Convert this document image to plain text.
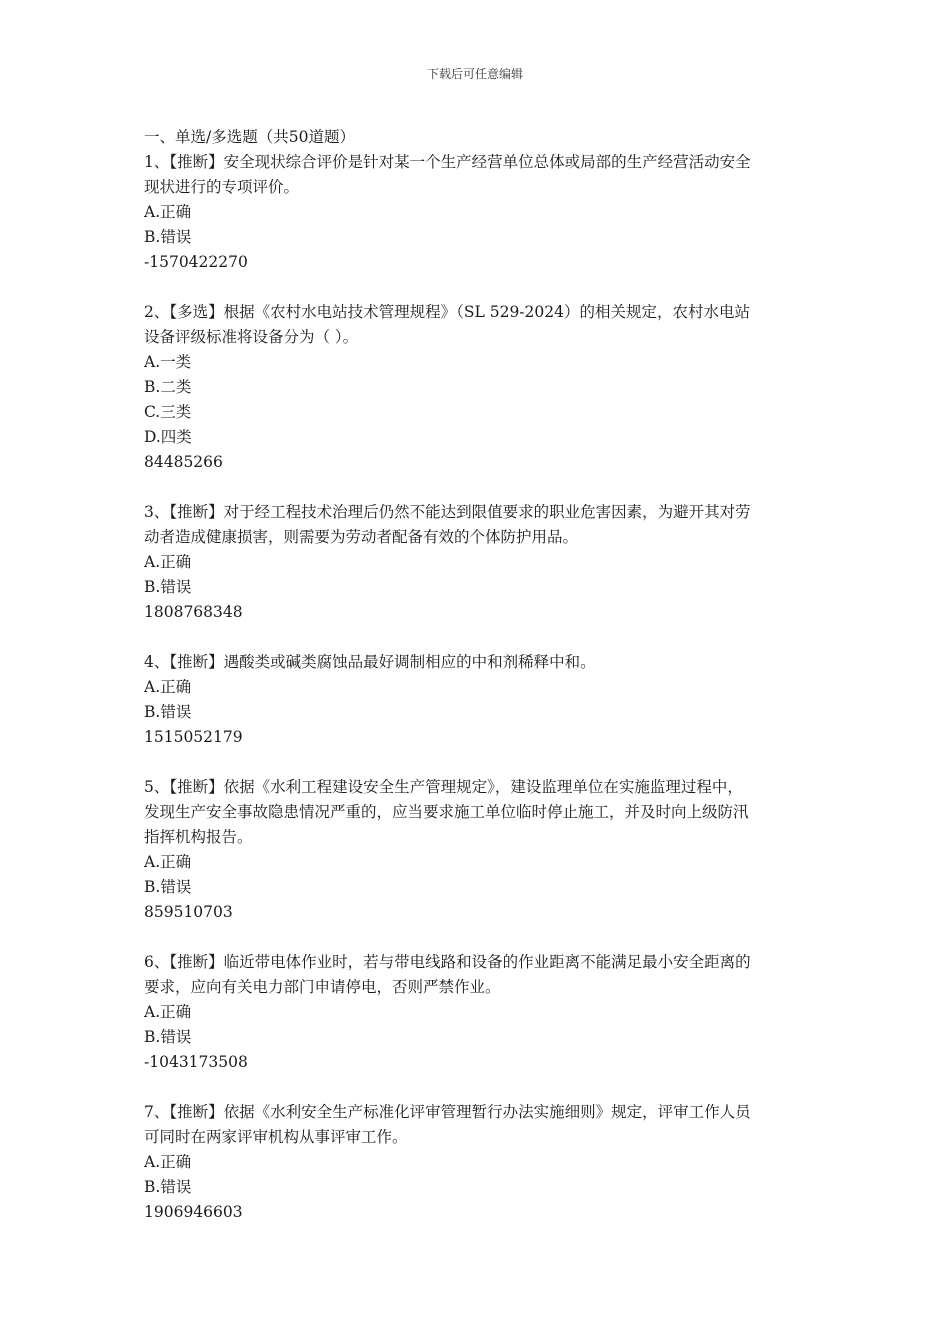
下载后可任意编辑

一、单选/多选题（共50道题）

1、【推断】安全现状综合评价是针对某一个生产经营单位总体或局部的生产经营活动安全

现状进行的专项评价。

A.正确

B.错误

-1570422270

2、【多选】根据《农村水电站技术管理规程》（SL 529-2024）的相关规定，农村水电站

设备评级标准将设备分为（ ）。

A.一类

B.二类

C.三类

D.四类

84485266

3、【推断】对于经工程技术治理后仍然不能达到限值要求的职业危害因素，为避开其对劳

动者造成健康损害，则需要为劳动者配备有效的个体防护用品。

A.正确

B.错误

1808768348

4、【推断】遇酸类或碱类腐蚀品最好调制相应的中和剂稀释中和。

A.正确

B.错误

1515052179

5、【推断】依据《水利工程建设安全生产管理规定》，建设监理单位在实施监理过程中，

发现生产安全事故隐患情况严重的，应当要求施工单位临时停止施工，并及时向上级防汛

指挥机构报告。

A.正确

B.错误

859510703

6、【推断】临近带电体作业时，若与带电线路和设备的作业距离不能满足最小安全距离的

要求，应向有关电力部门申请停电，否则严禁作业。

A.正确

B.错误

-1043173508

7、【推断】依据《水利安全生产标准化评审管理暂行办法实施细则》规定，评审工作人员

可同时在两家评审机构从事评审工作。

A.正确

B.错误

1906946603
